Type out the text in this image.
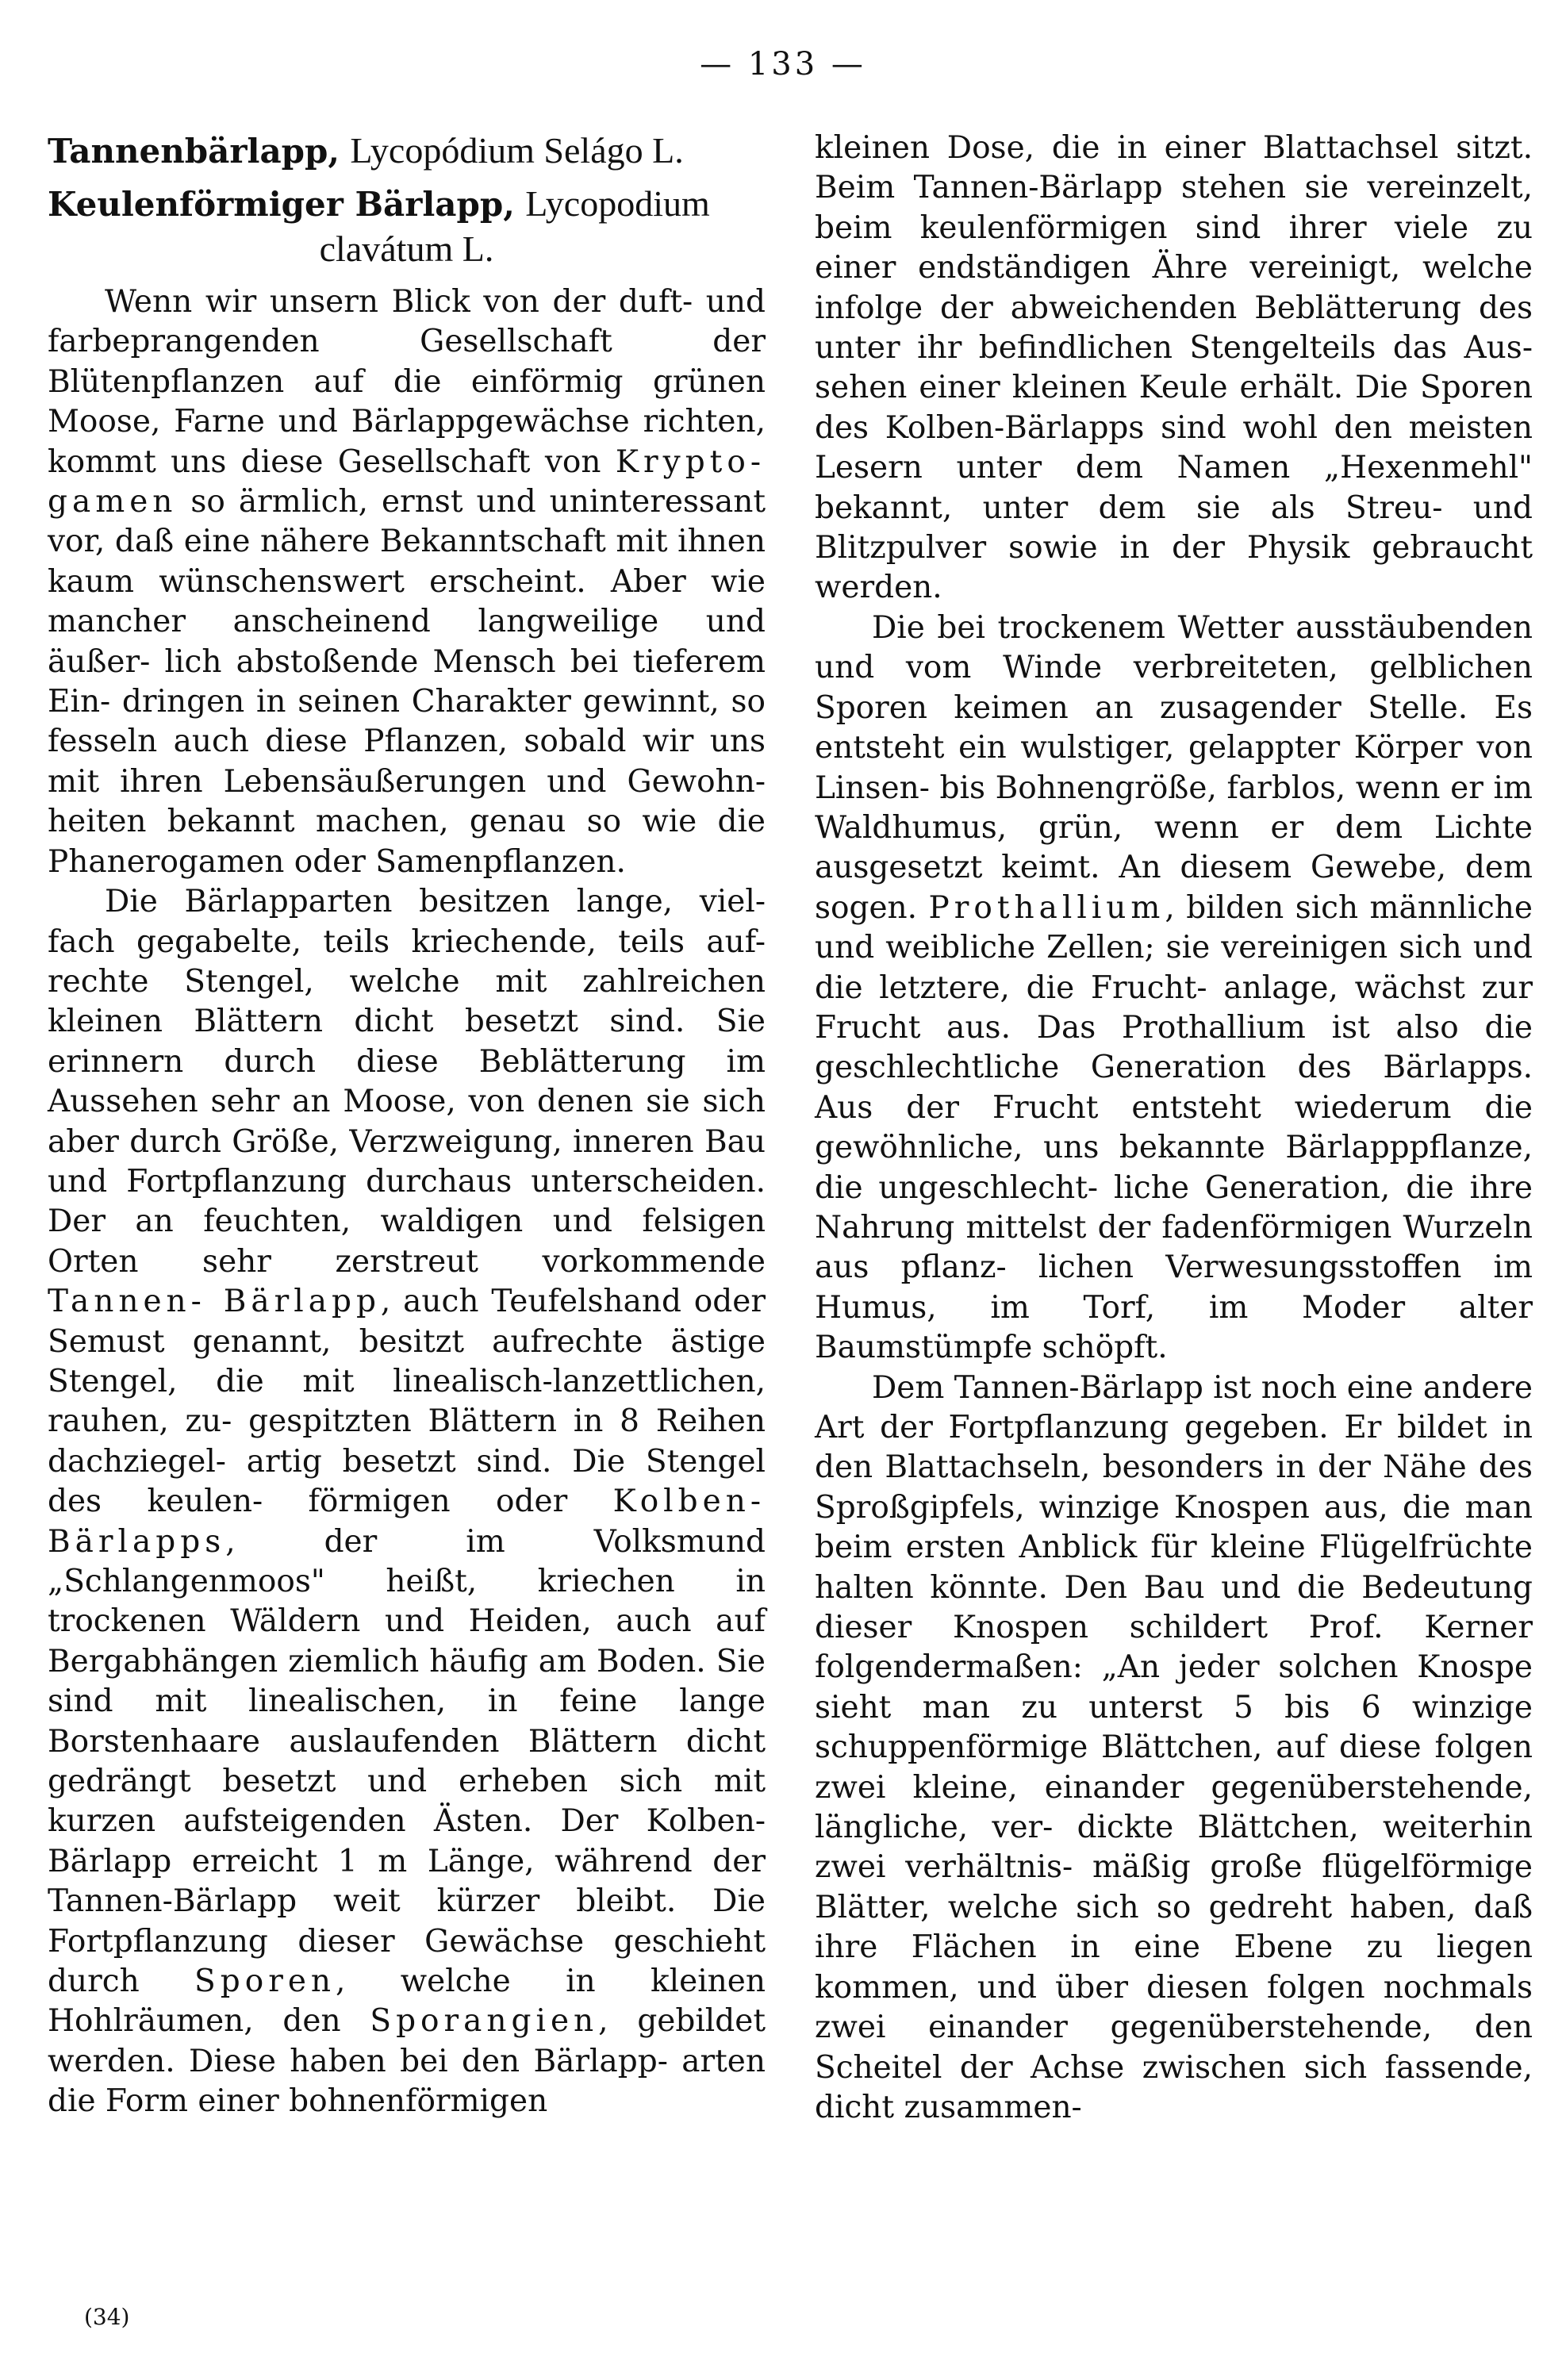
— 133 —
Tannenbärlapp, Lycopódium Selágo L.
Keulenförmiger Bärlapp, Lycopodium
clavátum L.

Wenn wir unsern Blick von der duft- und farbeprangenden Gesellschaft der Blütenpflanzen auf die einförmig grünen Moose, Farne und Bärlappgewächse richten, kommt uns diese Gesellschaft von Krypto- gamen so ärmlich, ernst und uninteressant vor, daß eine nähere Bekanntschaft mit ihnen kaum wünschenswert erscheint. Aber wie mancher anscheinend langweilige und äußer- lich abstoßende Mensch bei tieferem Ein- dringen in seinen Charakter gewinnt, so fesseln auch diese Pflanzen, sobald wir uns mit ihren Lebensäußerungen und Gewohn- heiten bekannt machen, genau so wie die Phanerogamen oder Samenpflanzen.

Die Bärlapparten besitzen lange, viel- fach gegabelte, teils kriechende, teils auf- rechte Stengel, welche mit zahlreichen kleinen Blättern dicht besetzt sind. Sie erinnern durch diese Beblätterung im Aussehen sehr an Moose, von denen sie sich aber durch Größe, Verzweigung, inneren Bau und Fortpflanzung durchaus unterscheiden. Der an feuchten, waldigen und felsigen Orten sehr zerstreut vorkommende Tannen- Bärlapp, auch Teufelshand oder Semust genannt, besitzt aufrechte ästige Stengel, die mit linealisch-lanzettlichen, rauhen, zu- gespitzten Blättern in 8 Reihen dachziegel- artig besetzt sind. Die Stengel des keulen- förmigen oder Kolben-Bärlapps, der im Volksmund „Schlangenmoos" heißt, kriechen in trockenen Wäldern und Heiden, auch auf Bergabhängen ziemlich häufig am Boden. Sie sind mit linealischen, in feine lange Borstenhaare auslaufenden Blättern dicht gedrängt besetzt und erheben sich mit kurzen aufsteigenden Ästen. Der Kolben-Bärlapp erreicht 1 m Länge, während der Tannen-Bärlapp weit kürzer bleibt. Die Fortpflanzung dieser Gewächse geschieht durch Sporen, welche in kleinen Hohlräumen, den Sporangien, gebildet werden. Diese haben bei den Bärlapp- arten die Form einer bohnenförmigen

kleinen Dose, die in einer Blattachsel sitzt. Beim Tannen-Bärlapp stehen sie vereinzelt, beim keulenförmigen sind ihrer viele zu einer endständigen Ähre vereinigt, welche infolge der abweichenden Beblätterung des unter ihr befindlichen Stengelteils das Aus- sehen einer kleinen Keule erhält. Die Sporen des Kolben-Bärlapps sind wohl den meisten Lesern unter dem Namen „Hexenmehl" bekannt, unter dem sie als Streu- und Blitzpulver sowie in der Physik gebraucht werden.

Die bei trockenem Wetter ausstäubenden und vom Winde verbreiteten, gelblichen Sporen keimen an zusagender Stelle. Es entsteht ein wulstiger, gelappter Körper von Linsen- bis Bohnengröße, farblos, wenn er im Waldhumus, grün, wenn er dem Lichte ausgesetzt keimt. An diesem Gewebe, dem sogen. Prothallium, bilden sich männliche und weibliche Zellen; sie vereinigen sich und die letztere, die Frucht- anlage, wächst zur Frucht aus. Das Prothallium ist also die geschlechtliche Generation des Bärlapps. Aus der Frucht entsteht wiederum die gewöhnliche, uns bekannte Bärlapppflanze, die ungeschlecht- liche Generation, die ihre Nahrung mittelst der fadenförmigen Wurzeln aus pflanz- lichen Verwesungsstoffen im Humus, im Torf, im Moder alter Baumstümpfe schöpft.

Dem Tannen-Bärlapp ist noch eine andere Art der Fortpflanzung gegeben. Er bildet in den Blattachseln, besonders in der Nähe des Sproßgipfels, winzige Knospen aus, die man beim ersten Anblick für kleine Flügelfrüchte halten könnte. Den Bau und die Bedeutung dieser Knospen schildert Prof. Kerner folgendermaßen: „An jeder solchen Knospe sieht man zu unterst 5 bis 6 winzige schuppenförmige Blättchen, auf diese folgen zwei kleine, einander gegenüberstehende, längliche, ver- dickte Blättchen, weiterhin zwei verhältnis- mäßig große flügelförmige Blätter, welche sich so gedreht haben, daß ihre Flächen in eine Ebene zu liegen kommen, und über diesen folgen nochmals zwei einander gegenüberstehende, den Scheitel der Achse zwischen sich fassende, dicht zusammen-

(34)
